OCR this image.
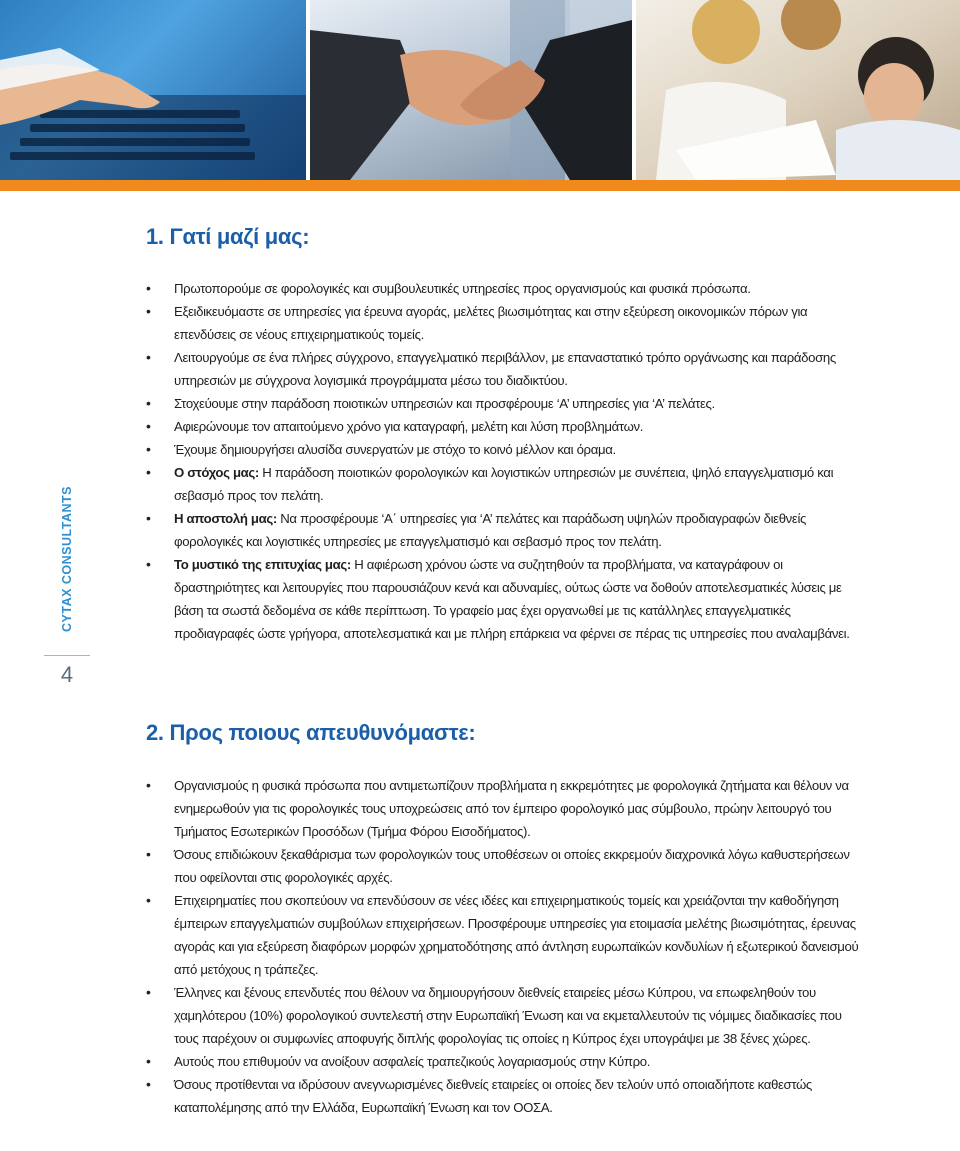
CYTAX CONSULTANTS
4
1. Γατί μαζί μας:
• Πρωτοπορούμε σε φορολογικές και συμβουλευτικές υπηρεσίες προς οργανισμούς και φυσικά πρόσωπα.
• Εξειδικευόμαστε σε υπηρεσίες για έρευνα αγοράς, μελέτες βιωσιμότητας και στην εξεύρεση οικονομικών πόρων για επενδύσεις σε νέους επιχειρηματικούς τομείς.
• Λειτουργούμε σε ένα πλήρες σύγχρονο, επαγγελματικό περιβάλλον, με επαναστατικό τρόπο οργάνωσης και παράδοσης υπηρεσιών με σύγχρονα λογισμικά προγράμματα μέσω του διαδικτύου.
• Στοχεύουμε στην παράδοση ποιοτικών υπηρεσιών και προσφέρουμε ‘Α’ υπηρεσίες για ‘Α’ πελάτες.
• Αφιερώνουμε τον απαιτούμενο χρόνο για καταγραφή, μελέτη και λύση προβλημάτων.
• Έχουμε δημιουργήσει αλυσίδα συνεργατών με στόχο το κοινό μέλλον και όραμα.
• Ο στόχος μας: Η παράδοση ποιοτικών φορολογικών και λογιστικών υπηρεσιών με συνέπεια, ψηλό επαγγελματισμό και σεβασμό προς τον πελάτη.
• Η αποστολή μας: Να προσφέρουμε ‘Α΄ υπηρεσίες για ‘Α’ πελάτες και παράδωση υψηλών προδιαγραφών διεθνείς φορολογικές και λογιστικές υπηρεσίες με επαγγελματισμό και σεβασμό προς τον πελάτη.
• Το μυστικό της επιτυχίας μας: Η αφιέρωση χρόνου ώστε να συζητηθούν τα προβλήματα, να καταγράφουν οι δραστηριότητες και λειτουργίες που παρουσιάζουν κενά και αδυναμίες, ούτως ώστε να δοθούν αποτελεσματικές λύσεις με βάση τα σωστά δεδομένα σε κάθε περίπτωση. Το γραφείο μας έχει οργανωθεί με τις κατάλληλες επαγγελματικές προδιαγραφές ώστε γρήγορα, αποτελεσματικά και με πλήρη επάρκεια να φέρνει σε πέρας τις υπηρεσίες που αναλαμβάνει.
2. Προς ποιους απευθυνόμαστε:
• Οργανισμούς η φυσικά πρόσωπα που αντιμετωπίζουν προβλήματα η εκκρεμότητες με φορολογικά ζητήματα και θέλουν να ενημερωθούν για τις φορολογικές τους υποχρεώσεις από τον έμπειρο φορολογικό μας σύμβουλο, πρώην λειτουργό του Τμήματος Εσωτερικών Προσόδων (Τμήμα Φόρου Εισοδήματος).
• Όσους επιδιώκουν ξεκαθάρισμα των φορολογικών τους υποθέσεων οι οποίες εκκρεμούν διαχρονικά λόγω καθυστερήσεων που οφείλονται στις φορολογικές αρχές.
• Επιχειρηματίες που σκοπεύουν να επενδύσουν σε νέες ιδέες και επιχειρηματικούς τομείς και χρειάζονται την καθοδήγηση έμπειρων επαγγελματιών συμβούλων επιχειρήσεων. Προσφέρουμε υπηρεσίες για ετοιμασία μελέτης βιωσιμότητας, έρευνας αγοράς και για εξεύρεση διαφόρων μορφών χρηματοδότησης από άντληση ευρωπαϊκών κονδυλίων ή εξωτερικού δανεισμού από μετόχους η τράπεζες.
• Έλληνες και ξένους επενδυτές που θέλουν να δημιουργήσουν διεθνείς εταιρείες μέσω Κύπρου, να επωφεληθούν του χαμηλότερου (10%) φορολογικού συντελεστή στην Ευρωπαϊκή Ένωση και να εκμεταλλευτούν τις νόμιμες διαδικασίες που τους παρέχουν οι συμφωνίες αποφυγής διπλής φορολογίας τις οποίες η Κύπρος έχει υπογράψει με 38 ξένες χώρες.
• Αυτούς που επιθυμούν να ανοίξουν ασφαλείς τραπεζικούς λογαριασμούς στην Κύπρο.
• Όσους προτίθενται να ιδρύσουν ανεγνωρισμένες διεθνείς εταιρείες οι οποίες δεν τελούν υπό οποιαδήποτε καθεστώς καταπολέμησης από την Ελλάδα, Ευρωπαϊκή Ένωση και τον ΟΟΣΑ.
